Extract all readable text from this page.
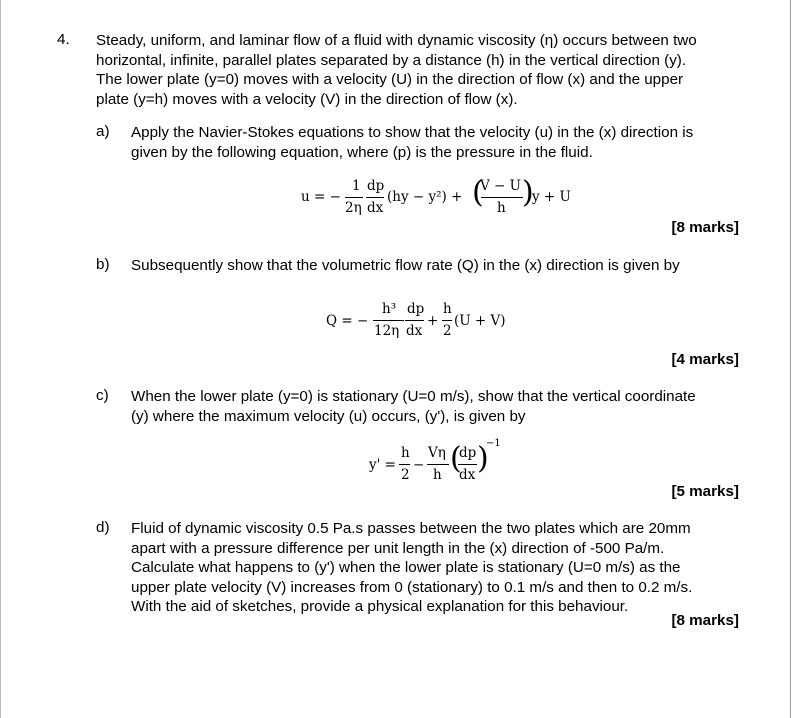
4. Steady, uniform, and laminar flow of a fluid with dynamic viscosity (η) occurs between two
horizontal, infinite, parallel plates separated by a distance (h) in the vertical direction (y).
The lower plate (y=0) moves with a velocity (U) in the direction of flow (x) and the upper
plate (y=h) moves with a velocity (V) in the direction of flow (x).
a) Apply the Navier-Stokes equations to show that the velocity (u) in the (x) direction is
given by the following equation, where (p) is the pressure in the fluid.
u = −
1
2η
dp
dx
(hy − y²) + (
V − U
h )
y + U
[8 marks]
b) Subsequently show that the volumetric flow rate (Q) in the (x) direction is given by
Q = −
h³
12η
dp
dx
+
h
2
(U + V)
[4 marks]
c) When the lower plate (y=0) is stationary (U=0 m/s), show that the vertical coordinate
(y) where the maximum velocity (u) occurs, (y'), is given by
y' =
h
2
−
Vη
h (
dp
dx )
−1
[5 marks]
d) Fluid of dynamic viscosity 0.5 Pa.s passes between the two plates which are 20mm
apart with a pressure difference per unit length in the (x) direction of -500 Pa/m.
Calculate what happens to (y') when the lower plate is stationary (U=0 m/s) as the
upper plate velocity (V) increases from 0 (stationary) to 0.1 m/s and then to 0.2 m/s.
With the aid of sketches, provide a physical explanation for this behaviour.
[8 marks]
